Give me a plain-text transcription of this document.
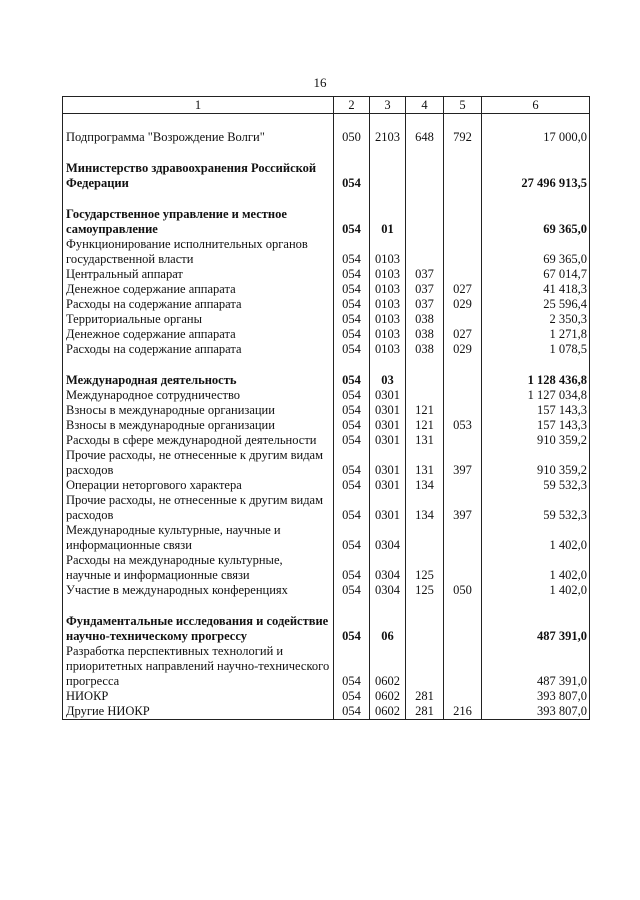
16
1	2	3	4	5	6

Подпрограмма "Возрождение Волги"	050	2103	648	792	17 000,0

Министерство здравоохранения Российской Федерации	054				27 496 913,5

Государственное управление и местное самоуправление	054	01			69 365,0
Функционирование исполнительных органов государственной власти	054	0103			69 365,0
Центральный аппарат	054	0103	037		67 014,7
Денежное содержание аппарата	054	0103	037	027	41 418,3
Расходы на содержание аппарата	054	0103	037	029	25 596,4
Территориальные органы	054	0103	038		2 350,3
Денежное содержание аппарата	054	0103	038	027	1 271,8
Расходы на содержание аппарата	054	0103	038	029	1 078,5

Международная деятельность	054	03			1 128 436,8
Международное сотрудничество	054	0301			1 127 034,8
Взносы в международные организации	054	0301	121		157 143,3
Взносы в международные организации	054	0301	121	053	157 143,3
Расходы в сфере международной деятельности	054	0301	131		910 359,2
Прочие расходы, не отнесенные к другим видам расходов	054	0301	131	397	910 359,2
Операции неторгового характера	054	0301	134		59 532,3
Прочие расходы, не отнесенные к другим видам расходов	054	0301	134	397	59 532,3
Международные культурные, научные и информационные связи	054	0304			1 402,0
Расходы на международные культурные, научные и информационные связи	054	0304	125		1 402,0
Участие в международных конференциях	054	0304	125	050	1 402,0

Фундаментальные исследования и содействие научно-техническому прогрессу	054	06			487 391,0
Разработка перспективных технологий и приоритетных направлений научно-технического прогресса	054	0602			487 391,0
НИОКР	054	0602	281		393 807,0
Другие НИОКР	054	0602	281	216	393 807,0
